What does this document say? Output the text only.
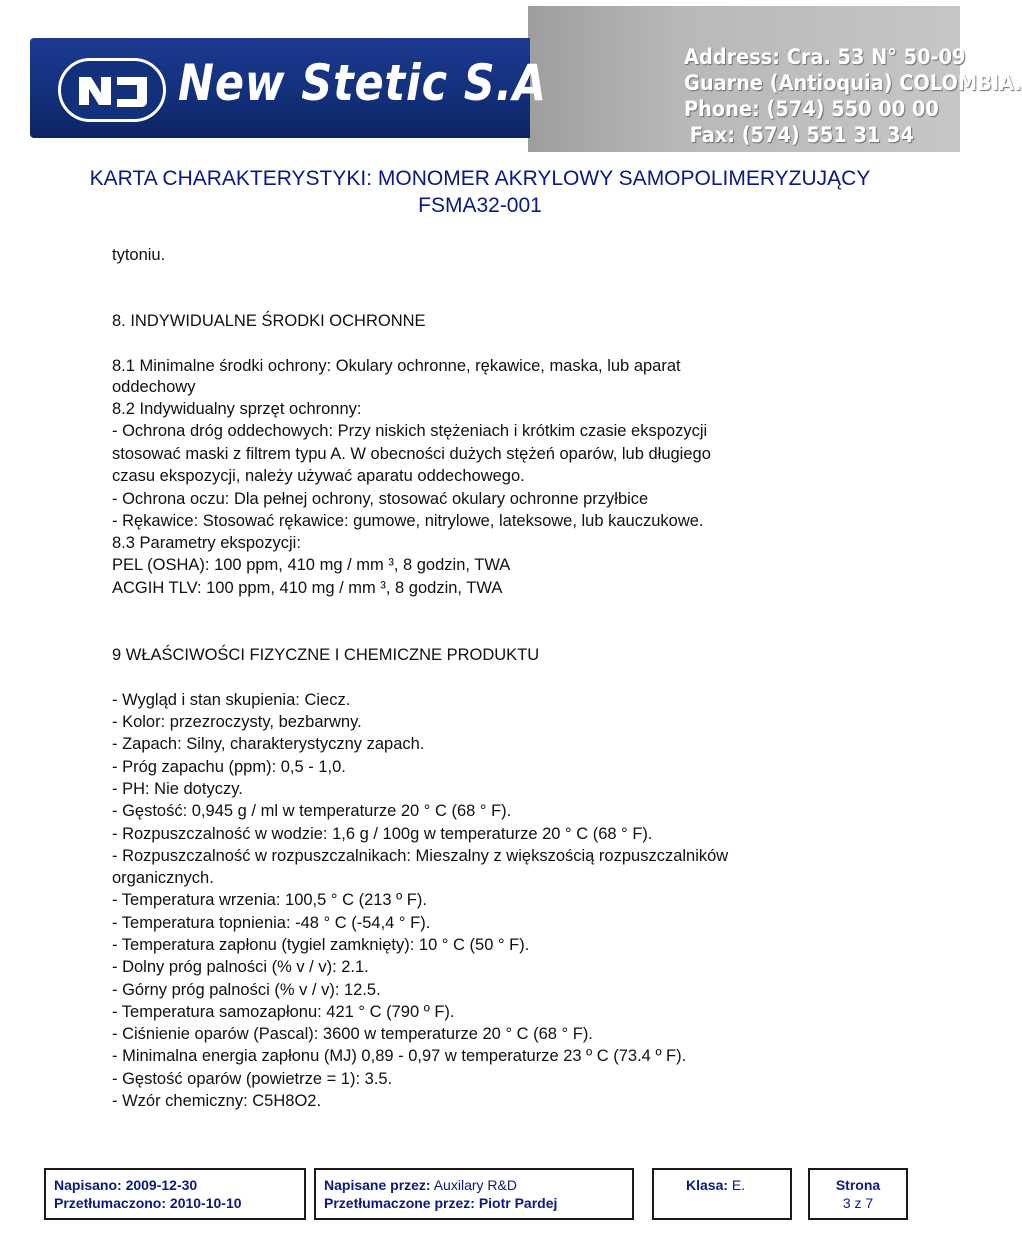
New Stetic S.A	Address: Cra. 53 N° 50-09
Guarne (Antioquia) COLOMBIA.
Phone: (574) 550 00 00
Fax: (574) 551 31 34
KARTA CHARAKTERYSTYKI: MONOMER AKRYLOWY SAMOPOLIMERYZUJĄCY
FSMA32-001
tytoniu.
8. INDYWIDUALNE ŚRODKI OCHRONNE
8.1 Minimalne środki ochrony: Okulary ochronne, rękawice, maska, lub aparat
oddechowy
8.2 Indywidualny sprzęt ochronny:
- Ochrona dróg oddechowych: Przy niskich stężeniach i krótkim czasie ekspozycji
stosować maski z filtrem typu A. W obecności dużych stężeń oparów, lub długiego
czasu ekspozycji, należy używać aparatu oddechowego.
- Ochrona oczu: Dla pełnej ochrony, stosować okulary ochronne przyłbice
- Rękawice: Stosować rękawice: gumowe, nitrylowe, lateksowe, lub kauczukowe.
8.3 Parametry ekspozycji:
PEL (OSHA): 100 ppm, 410 mg / mm ³, 8 godzin, TWA
ACGIH TLV: 100 ppm, 410 mg / mm ³, 8 godzin, TWA
9 WŁAŚCIWOŚCI FIZYCZNE I CHEMICZNE PRODUKTU
- Wygląd i stan skupienia: Ciecz.
- Kolor: przezroczysty, bezbarwny.
- Zapach: Silny, charakterystyczny zapach.
- Próg zapachu (ppm): 0,5 - 1,0.
- PH: Nie dotyczy.
- Gęstość: 0,945 g / ml w temperaturze 20 ° C (68 ° F).
- Rozpuszczalność w wodzie: 1,6 g / 100g w temperaturze 20 ° C (68 ° F).
- Rozpuszczalność w rozpuszczalnikach: Mieszalny z większością rozpuszczalników
organicznych.
- Temperatura wrzenia: 100,5 ° C (213 º F).
- Temperatura topnienia: -48 ° C (-54,4 ° F).
- Temperatura zapłonu (tygiel zamknięty): 10 ° C (50 ° F).
- Dolny próg palności (% v / v): 2.1.
- Górny próg palności (% v / v): 12.5.
- Temperatura samozapłonu: 421 ° C (790 º F).
- Ciśnienie oparów (Pascal): 3600 w temperaturze 20 ° C (68 ° F).
- Minimalna energia zapłonu (MJ) 0,89 - 0,97 w temperaturze 23 º C (73.4 º F).
- Gęstość oparów (powietrze = 1): 3.5.
- Wzór chemiczny: C5H8O2.
Napisano: 2009-12-30
Przetłumaczono: 2010-10-10
Napisane przez: Auxilary R&D
Przetłumaczone przez: Piotr Pardej
Klasa: E.	Strona
3 z 7
